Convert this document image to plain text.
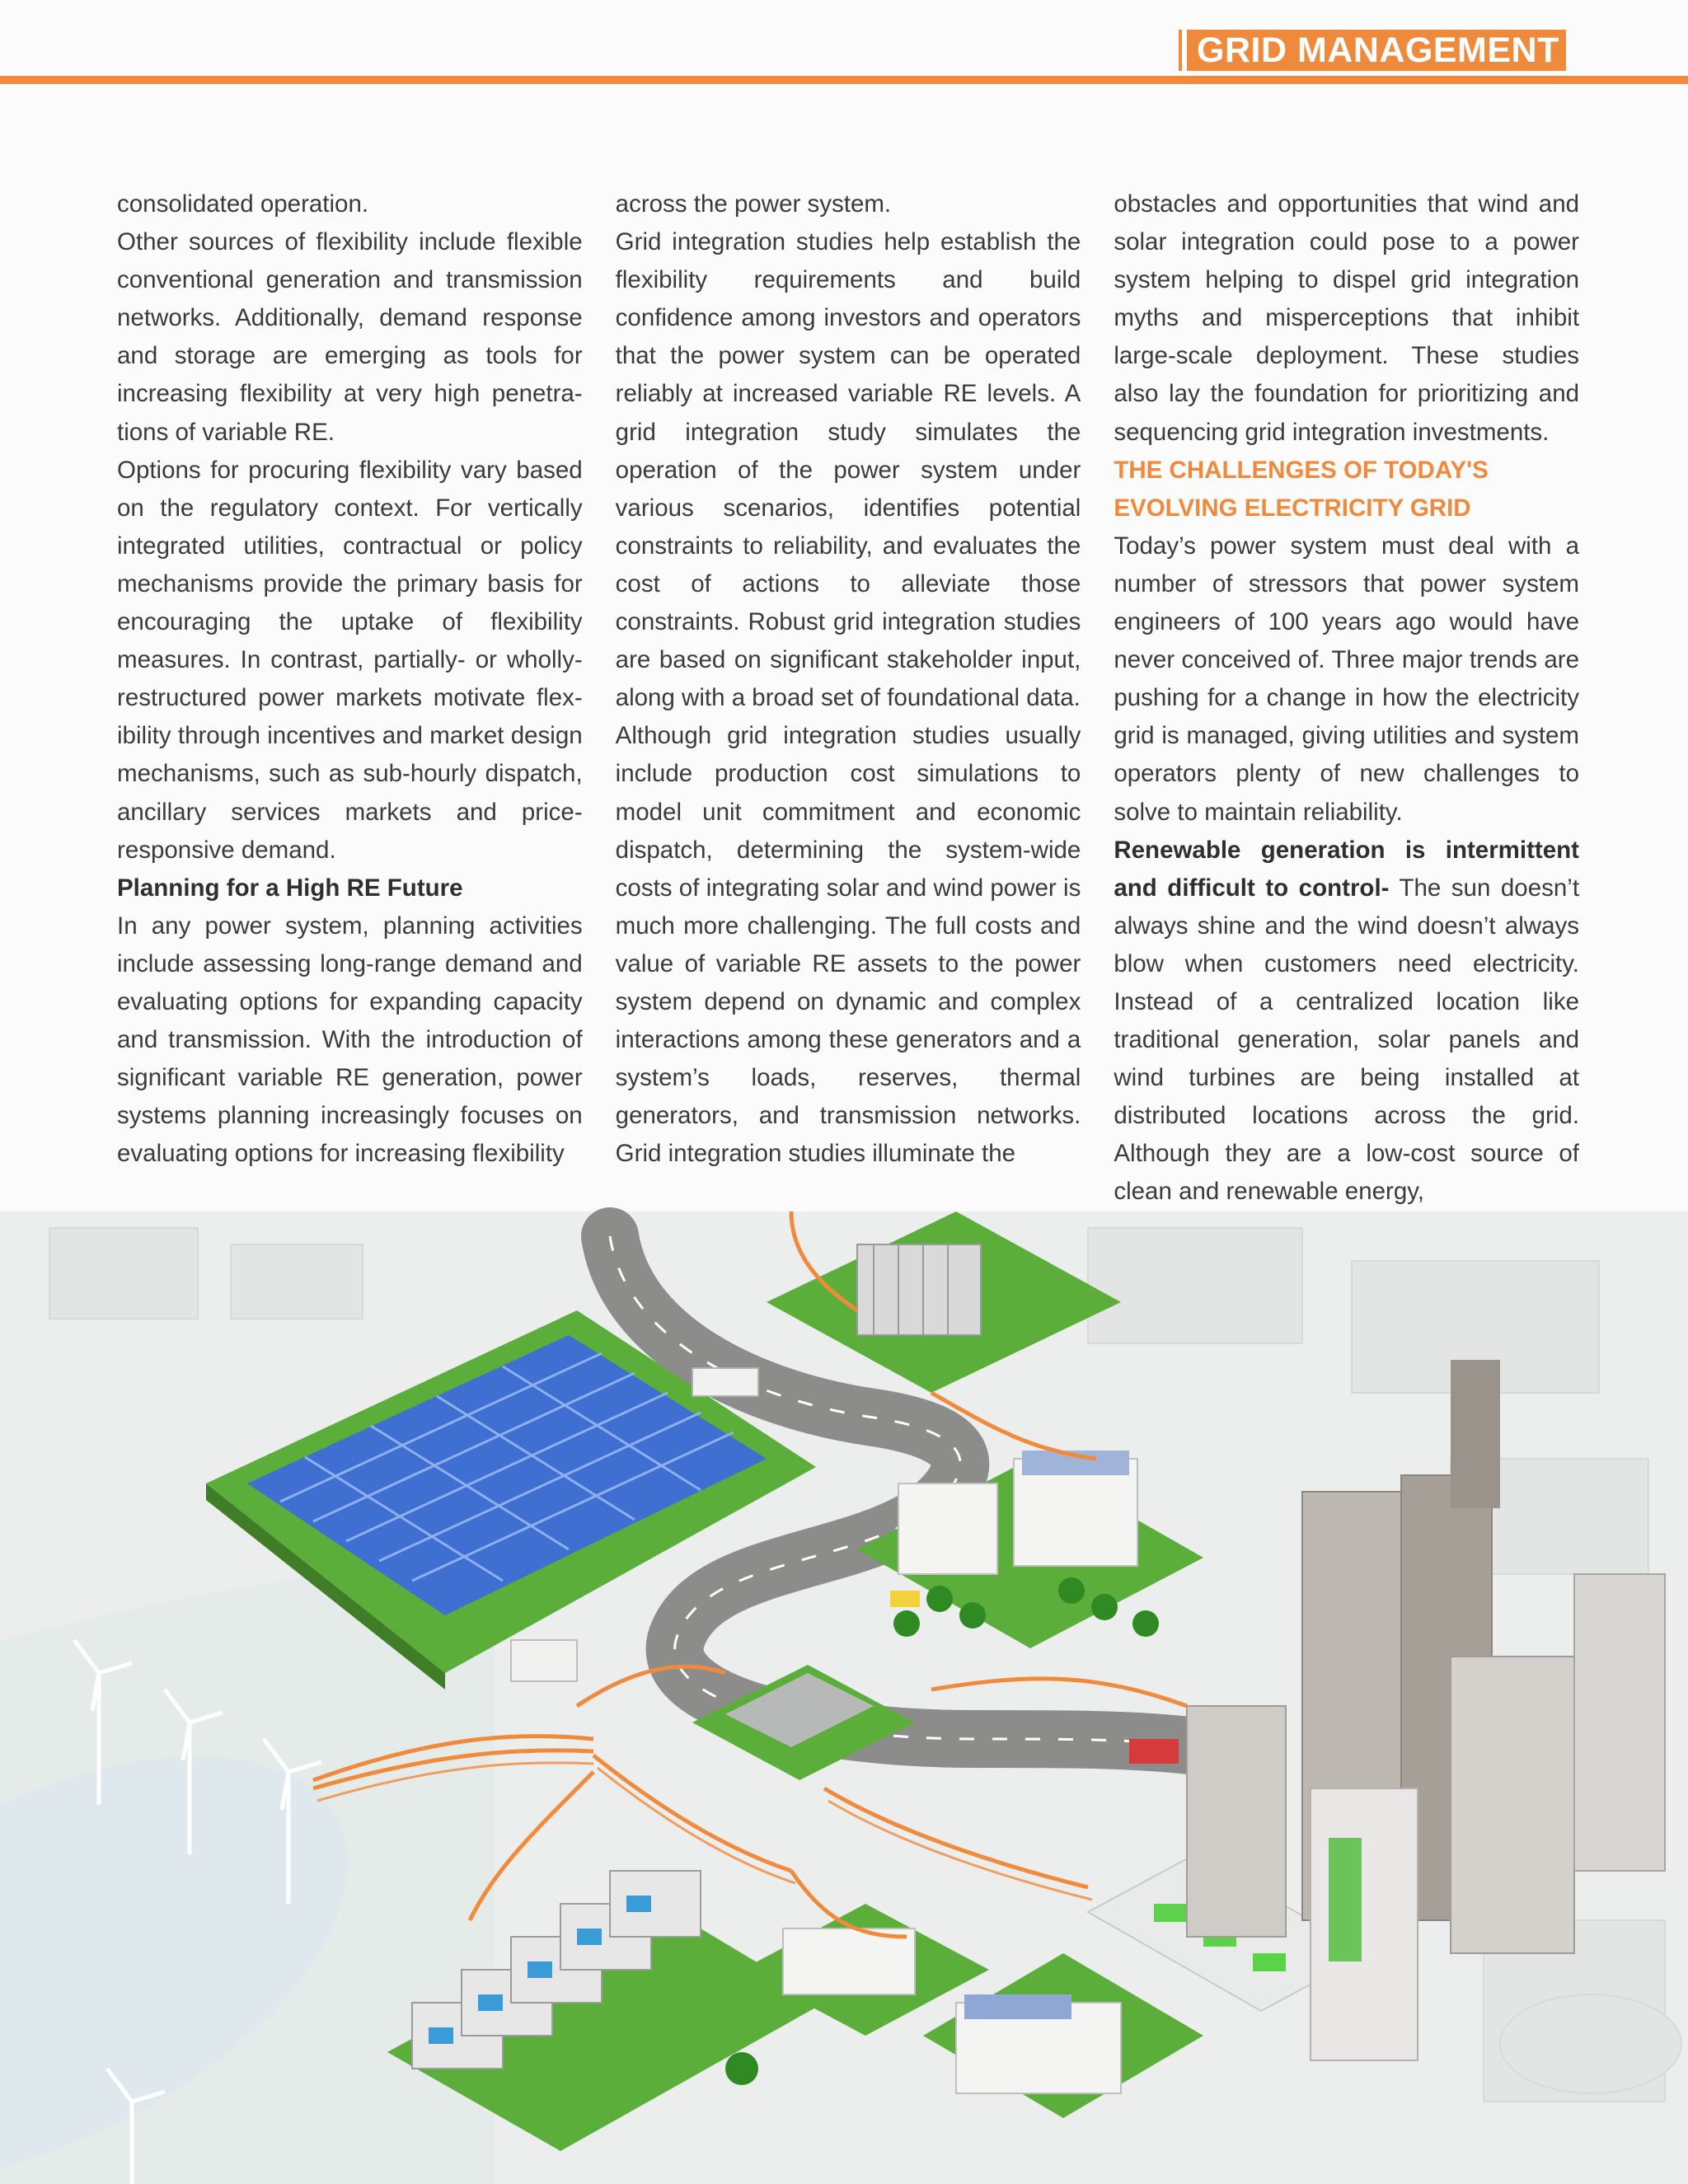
GRID MANAGEMENT

consolidated operation.

Other sources of flexibility include flexible conventional generation and transmission networks. Additionally, demand response and storage are emerging as tools for increasing flexibility at very high penetra-tions of variable RE.

Options for procuring flexibility vary based on the regulatory context. For vertically integrated utilities, contractual or policy mechanisms provide the primary basis for encouraging the uptake of flexibility measures. In contrast, partially- or wholly-restructured power markets motivate flex-ibility through incentives and market design mechanisms, such as sub-hourly dispatch, ancillary services markets and price-responsive demand.

Planning for a High RE Future

In any power system, planning activities include assessing long-range demand and evaluating options for expanding capacity and transmission. With the introduction of significant variable RE generation, power systems planning increasingly focuses on evaluating options for increasing flexibility

across the power system.

Grid integration studies help establish the flexibility requirements and build confidence among investors and operators that the power system can be operated reliably at increased variable RE levels. A grid integration study simulates the operation of the power system under various scenarios, identifies potential constraints to reliability, and evaluates the cost of actions to alleviate those constraints. Robust grid integration studies are based on significant stakeholder input, along with a broad set of foundational data.

Although grid integration studies usually include production cost simulations to model unit commitment and economic dispatch, determining the system-wide costs of integrating solar and wind power is much more challenging. The full costs and value of variable RE assets to the power system depend on dynamic and complex interactions among these generators and a system’s loads, reserves, thermal generators, and transmission networks. Grid integration studies illuminate the

obstacles and opportunities that wind and solar integration could pose to a power system helping to dispel grid integration myths and misperceptions that inhibit large-scale deployment. These studies also lay the foundation for prioritizing and sequencing grid integration investments.

THE CHALLENGES OF TODAY'S

EVOLVING ELECTRICITY GRID

Today’s power system must deal with a number of stressors that power system engineers of 100 years ago would have never conceived of. Three major trends are pushing for a change in how the electricity grid is managed, giving utilities and system operators plenty of new challenges to solve to maintain reliability.

Renewable generation is intermittent and difficult to control- The sun doesn’t always shine and the wind doesn’t always blow when customers need electricity. Instead of a centralized location like traditional generation, solar panels and wind turbines are being installed at distributed locations across the grid. Although they are a low-cost source of clean and renewable energy,
